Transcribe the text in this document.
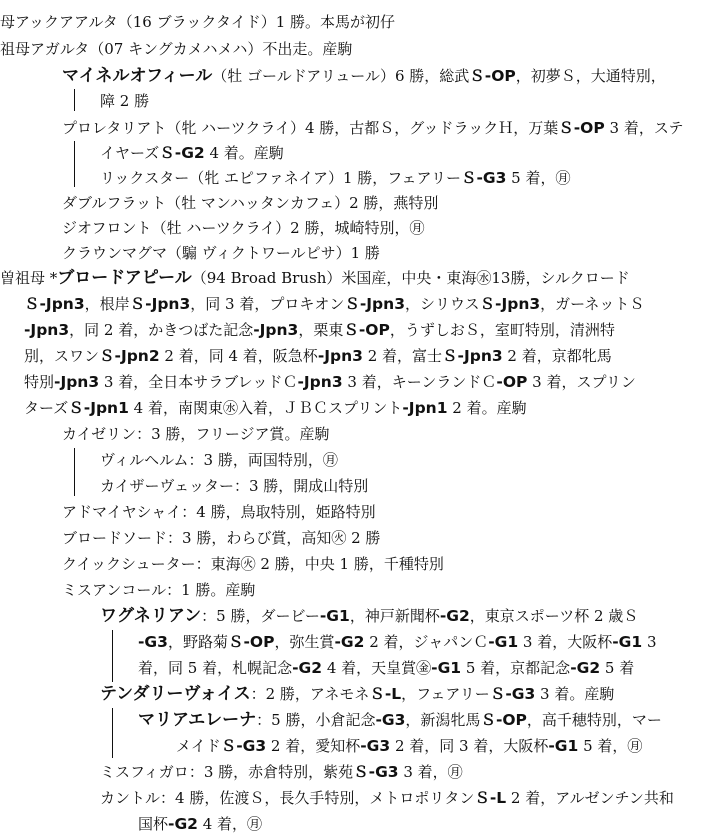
母アックアアルタ（16 ブラックタイド）1 勝。本馬が初仔
祖母アガルタ（07 キングカメハメハ）不出走。産駒
マイネルオフィール（牡 ゴールドアリュール）6 勝，総武Ｓ-OP，初夢Ｓ，大通特別，
障 2 勝
プロレタリアト（牝 ハーツクライ）4 勝，古都Ｓ，グッドラックＨ，万葉Ｓ-OP 3 着，ステ
イヤーズＳ-G2 4 着。産駒
リックスター（牝 エピファネイア）1 勝，フェアリーＳ-G3 5 着，㊊
ダブルフラット（牡 マンハッタンカフェ）2 勝，燕特別
ジオフロント（牡 ハーツクライ）2 勝，城崎特別，㊊
クラウンマグマ（騸 ヴィクトワールピサ）1 勝
曽祖母 *ブロードアピール（94 Broad Brush）米国産，中央・東海㊌13勝，シルクロード
Ｓ-Jpn3，根岸Ｓ-Jpn3，同 3 着，プロキオンＳ-Jpn3，シリウスＳ-Jpn3，ガーネットＳ
-Jpn3，同 2 着，かきつばた記念-Jpn3，栗東Ｓ-OP，うずしおＳ，室町特別，清洲特
別，スワンＳ-Jpn2 2 着，同 4 着，阪急杯-Jpn3 2 着，富士Ｓ-Jpn3 2 着，京都牝馬
特別-Jpn3 3 着，全日本サラブレッドＣ-Jpn3 3 着，キーンランドＣ-OP 3 着，スプリン
ターズＳ-Jpn1 4 着，南関東㊌入着，ＪＢＣスプリント-Jpn1 2 着。産駒
カイゼリン：3 勝，フリージア賞。産駒
ヴィルヘルム：3 勝，両国特別，㊊
カイザーヴェッター：3 勝，開成山特別
アドマイヤシャイ：4 勝，鳥取特別，姫路特別
ブロードソード：3 勝，わらび賞，高知㊋ 2 勝
クイックシューター：東海㊋ 2 勝，中央 1 勝，千種特別
ミスアンコール：1 勝。産駒
ワグネリアン：5 勝，ダービー-G1，神戸新聞杯-G2，東京スポーツ杯 2 歳Ｓ
-G3，野路菊Ｓ-OP，弥生賞-G2 2 着，ジャパンＣ-G1 3 着，大阪杯-G1 3
着，同 5 着，札幌記念-G2 4 着，天皇賞㊎-G1 5 着，京都記念-G2 5 着
テンダリーヴォイス：2 勝，アネモネＳ-L，フェアリーＳ-G3 3 着。産駒
マリアエレーナ：5 勝，小倉記念-G3，新潟牝馬Ｓ-OP，高千穂特別，マー
メイドＳ-G3 2 着，愛知杯-G3 2 着，同 3 着，大阪杯-G1 5 着，㊊
ミスフィガロ：3 勝，赤倉特別，紫苑Ｓ-G3 3 着，㊊
カントル：4 勝，佐渡Ｓ，長久手特別，メトロポリタンＳ-L 2 着，アルゼンチン共和
国杯-G2 4 着，㊊
